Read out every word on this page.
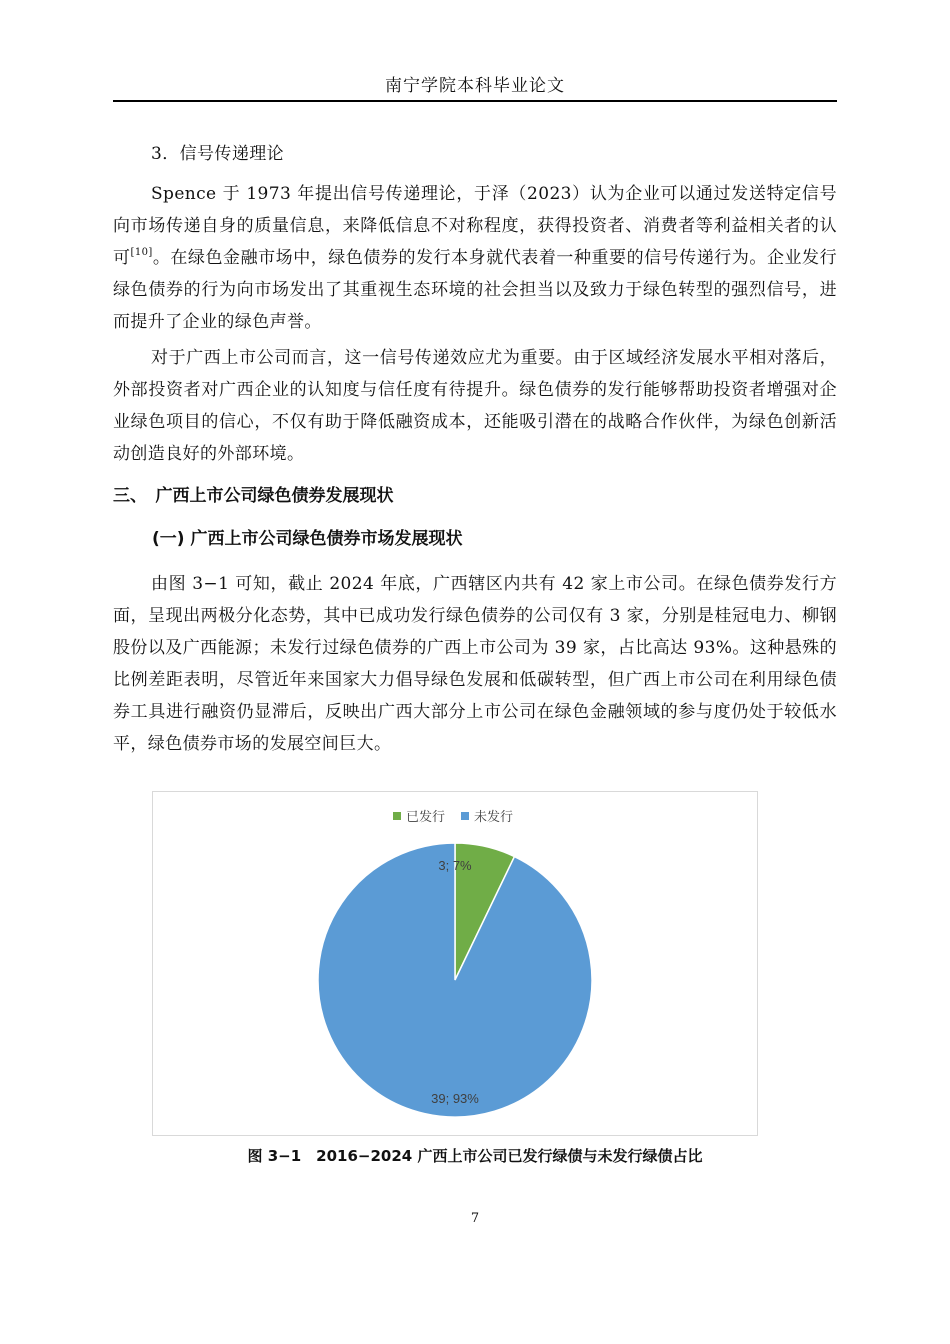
南宁学院本科毕业论文
3．信号传递理论
Spence 于 1973 年提出信号传递理论，于泽（2023）认为企业可以通过发送特定信号向市场传递自身的质量信息，来降低信息不对称程度，获得投资者、消费者等利益相关者的认可[10]。在绿色金融市场中，绿色债券的发行本身就代表着一种重要的信号传递行为。企业发行绿色债券的行为向市场发出了其重视生态环境的社会担当以及致力于绿色转型的强烈信号，进而提升了企业的绿色声誉。
对于广西上市公司而言，这一信号传递效应尤为重要。由于区域经济发展水平相对落后，外部投资者对广西企业的认知度与信任度有待提升。绿色债券的发行能够帮助投资者增强对企业绿色项目的信心，不仅有助于降低融资成本，还能吸引潜在的战略合作伙伴，为绿色创新活动创造良好的外部环境。
三、　广西上市公司绿色债券发展现状
(一) 广西上市公司绿色债券市场发展现状
由图 3−1 可知，截止 2024 年底，广西辖区内共有 42 家上市公司。在绿色债券发行方面，呈现出两极分化态势，其中已成功发行绿色债券的公司仅有 3 家，分别是桂冠电力、柳钢股份以及广西能源；未发行过绿色债券的广西上市公司为 39 家，占比高达 93%。这种悬殊的比例差距表明，尽管近年来国家大力倡导绿色发展和低碳转型，但广西上市公司在利用绿色债券工具进行融资仍显滞后，反映出广西大部分上市公司在绿色金融领域的参与度仍处于较低水平，绿色债券市场的发展空间巨大。
3; 7%
39; 93%
已发行 未发行
图 3−1　2016−2024 广西上市公司已发行绿债与未发行绿债占比
7
